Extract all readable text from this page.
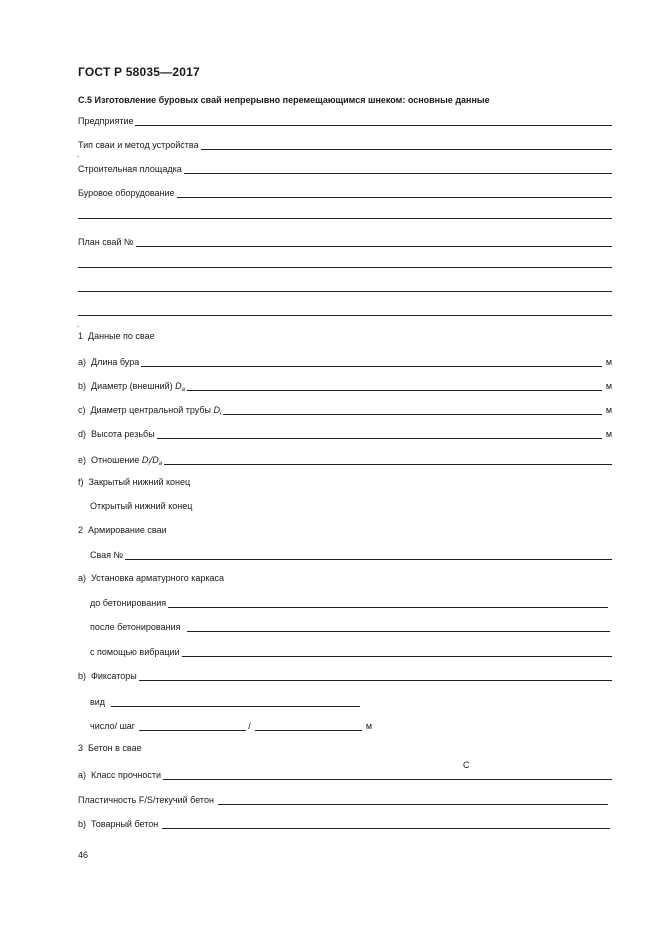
ГОСТ Р 58035—2017
С.5 Изготовление буровых свай непрерывно перемещающимся шнеком: основные данные
Предприятие
Тип сваи и метод устройства
.
Строительная площадка
Буровое оборудование
План свай №
.
1  Данные по свае
a)  Длина бура	м
b)  Диаметр (внешний) $D_a$	м
c)  Диаметр центральной трубы $D_i$	м
d)  Высота резьбы	м
e)  Отношение $D_i/D_a$
f)  Закрытый нижний конец
Открытый нижний конец
2  Армирование сваи
Свая №
a)  Установка арматурного каркаса
до бетонирования
после бетонирования
с помощью вибрации
b)  Фиксаторы
вид
число/ шаг	/	м
3  Бетон в свае
a)  Класс прочности
С
Пластичность F/S/текучий бетон
b)  Товарный бетон
46
